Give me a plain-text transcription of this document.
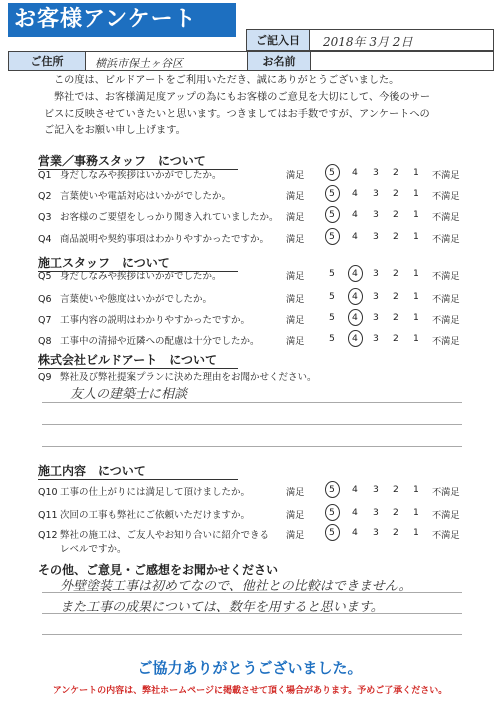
お客様アンケート
ご記入日	2018年 3月 2日
ご住所	横浜市保土ヶ谷区	お名前
この度は、ビルドアートをご利用いただき、誠にありがとうございました。
弊社では、お客様満足度アップの為にもお客様のご意見を大切にして、今後のサー
ビスに反映させていきたいと思います。つきましてはお手数ですが、アンケートへの
ご記入をお願い申し上げます。
営業／事務スタッフ　について
Q1 身だしなみや挨拶はいかがでしたか。	満足	5 4 3 2 1 不満足
Q2 言葉使いや電話対応はいかがでしたか。	満足	5 4 3 2 1 不満足
Q3 お客様のご要望をしっかり聞き入れていましたか。 満足	5 4 3 2 1 不満足
Q4 商品説明や契約事項はわかりやすかったですか。 満足	5 4 3 2 1 不満足
施工スタッフ　について
Q5 身だしなみや挨拶はいかがでしたか。	満足	5 4 3 2 1 不満足
Q6 言葉使いや態度はいかがでしたか。	満足	5 4 3 2 1 不満足
Q7 工事内容の説明はわかりやすかったですか。	満足	5 4 3 2 1 不満足
Q8 工事中の清掃や近隣への配慮は十分でしたか。	満足	5 4 3 2 1 不満足
株式会社ビルドアート　について
Q9 弊社及び弊社提案プランに決めた理由をお聞かせください。
友人の建築士に相談
施工内容　について
Q10 工事の仕上がりには満足して頂けましたか。	満足	5 4 3 2 1 不満足
Q11 次回の工事も弊社にご依頼いただけますか。	満足	5 4 3 2 1 不満足
Q12 弊社の施工は、ご友人やお知り合いに紹介できる
レベルですか。
満足	5 4 3 2 1 不満足
その他、ご意見・ご感想をお聞かせください
外壁塗装工事は初めてなので、他社との比較はできません。
また工事の成果については、数年を用すると思います。
ご協力ありがとうございました。
アンケートの内容は、弊社ホームページに掲載させて頂く場合があります。予めご了承ください。
